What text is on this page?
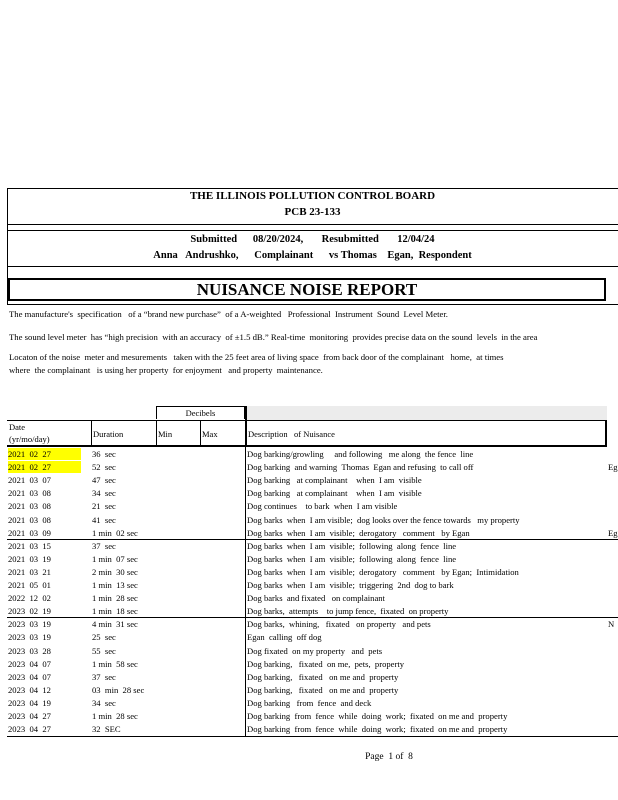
THE ILLINOIS POLLUTION CONTROL BOARD
PCB 23-133
Submitted      08/20/2024,       Resubmitted       12/04/24
Anna   Andrushko,      Complainant      vs Thomas    Egan,  Respondent
NUISANCE NOISE REPORT
The manufacture's  specification   of a “brand new purchase”  of a A-weighted   Professional  Instrument  Sound  Level Meter.
The sound level meter  has “high precision  with an accuracy  of ±1.5 dB.” Real-time  monitoring  provides precise data on the sound  levels  in the area
Locaton of the noise  meter and mesurements   taken with the 25 feet area of living space  from back door of the complainant   home,  at times
where  the complainant   is using her property  for enjoyment   and property  maintenance.
Decibels
Date
(yr/mo/day)	Duration	Min	Max	Description   of Nuisance
2021  02  27	36  sec	Dog barking/growling     and following   me along  the fence  line
2021  02  27	52  sec	Dog barking  and warning  Thomas  Egan and refusing  to call off	Eg
2021  03  07	47  sec	Dog barking   at complainant    when  I am  visible
2021  03  08	34  sec	Dog barking   at complainant    when  I am  visible
2021  03  08	21  sec	Dog continues    to bark  when  I am visible
2021  03  08	41  sec	Dog barks  when  I am visible;  dog looks over the fence towards   my property
2021  03  09	1 min  02 sec	Dog barks  when  I am  visible;  derogatory   comment   by Egan	Eg
2021  03  15	37  sec	Dog barks  when  I am  visible;  following  along  fence  line
2021  03  19	1 min  07 sec	Dog barks  when  I am  visible;  following  along  fence  line
2021  03  21	2 min  30 sec	Dog barks  when  I am  visible;  derogatory   comment   by Egan;  Intimidation
2021  05  01	1 min  13 sec	Dog barks  when  I am  visible;  triggering  2nd  dog to bark
2022  12  02	1 min  28 sec	Dog barks  and fixated   on complainant
2023  02  19	1 min  18 sec	Dog barks,  attempts    to jump fence,  fixated  on property
2023  03  19	4 min  31 sec	Dog barks,  whining,   fixated   on property   and pets	N
2023  03  19	25  sec	Egan  calling  off dog
2023  03  28	55  sec	Dog fixated  on my property   and  pets
2023  04  07	1 min  58 sec	Dog barking,   fixated  on me,  pets,  property
2023  04  07	37  sec	Dog barking,   fixated   on me and  property
2023  04  12	03  min  28 sec	Dog barking,   fixated   on me and  property
2023  04  19	34  sec	Dog barking   from  fence  and deck
2023  04  27	1 min  28 sec	Dog barking  from  fence  while  doing  work;  fixated  on me and  property
2023  04  27	32  SEC	Dog barking  from  fence  while  doing  work;  fixated  on me and  property
Page  1 of  8
